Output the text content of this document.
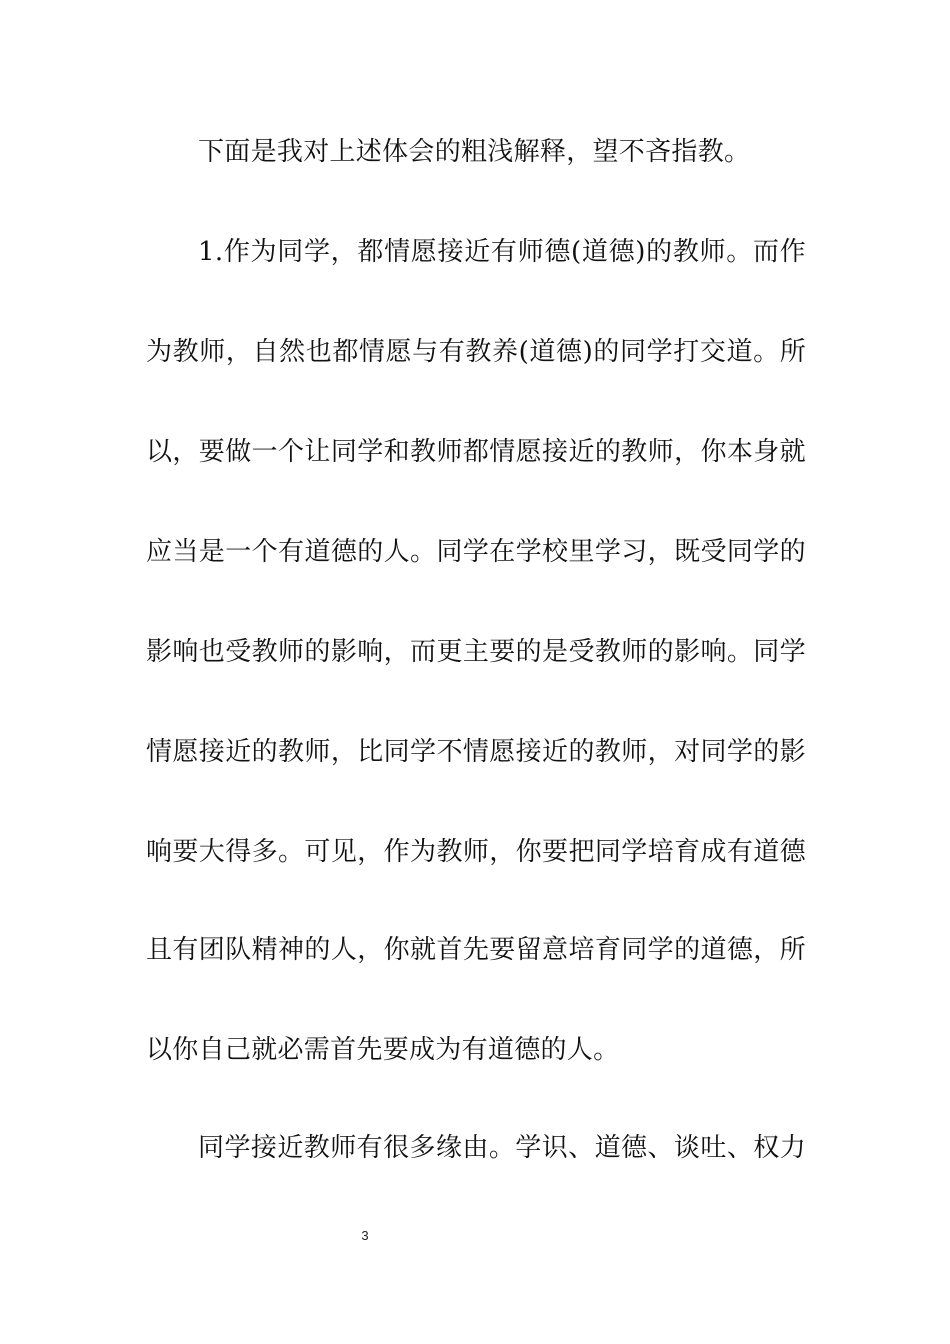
下面是我对上述体会的粗浅解释，望不吝指教。
1.作为同学，都情愿接近有师德(道德)的教师。而作
为教师，自然也都情愿与有教养(道德)的同学打交道。所
以，要做一个让同学和教师都情愿接近的教师，你本身就
应当是一个有道德的人。同学在学校里学习，既受同学的
影响也受教师的影响，而更主要的是受教师的影响。同学
情愿接近的教师，比同学不情愿接近的教师，对同学的影
响要大得多。可见，作为教师，你要把同学培育成有道德
且有团队精神的人，你就首先要留意培育同学的道德，所
以你自己就必需首先要成为有道德的人。
同学接近教师有很多缘由。学识、道德、谈吐、权力
3
